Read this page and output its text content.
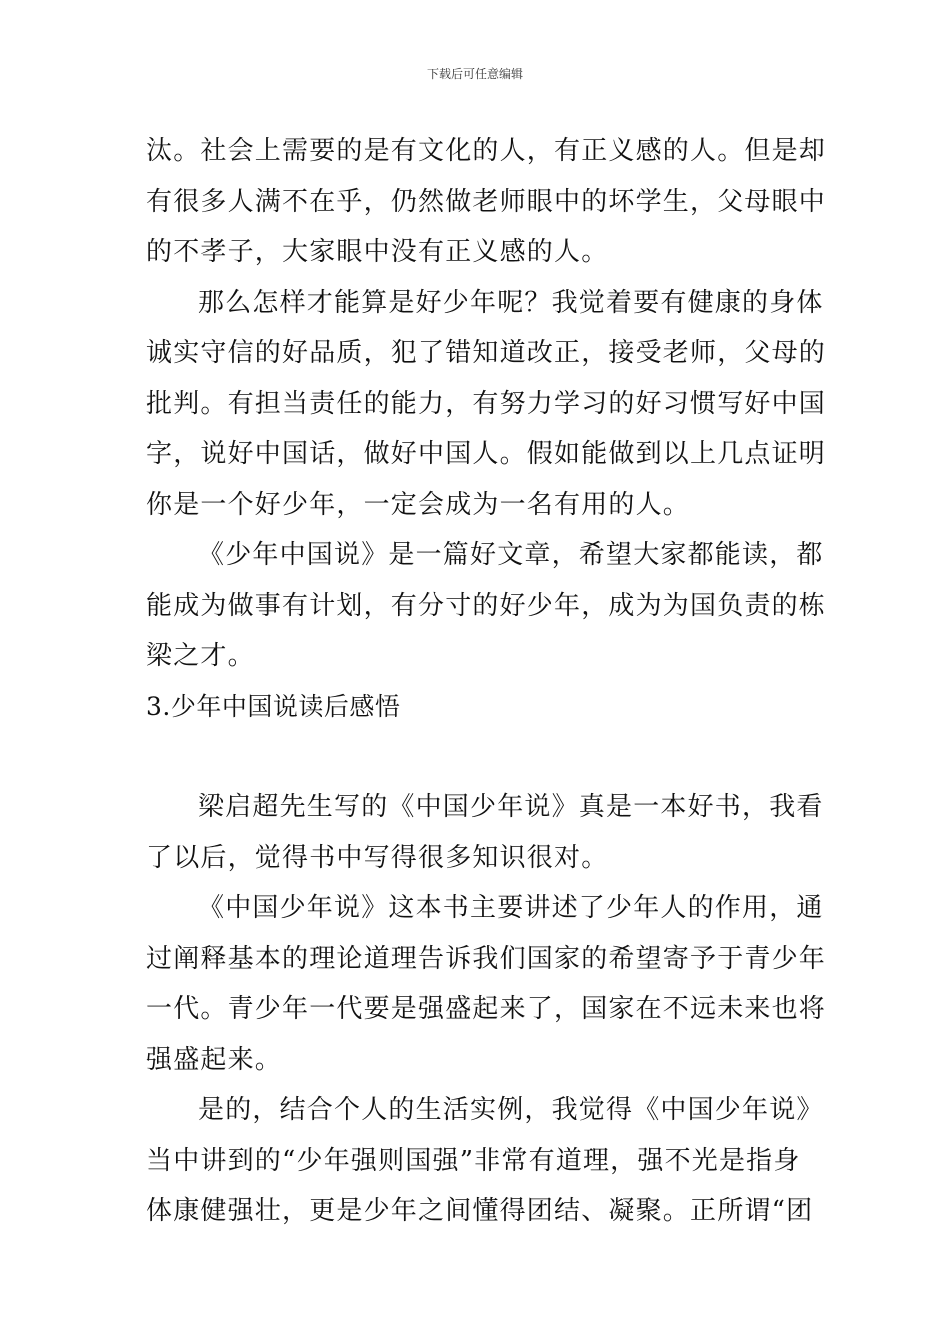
下载后可任意编辑
汰。社会上需要的是有文化的人，有正义感的人。但是却
有很多人满不在乎，仍然做老师眼中的坏学生，父母眼中
的不孝子，大家眼中没有正义感的人。
那么怎样才能算是好少年呢？我觉着要有健康的身体
诚实守信的好品质，犯了错知道改正，接受老师，父母的
批判。有担当责任的能力，有努力学习的好习惯写好中国
字，说好中国话，做好中国人。假如能做到以上几点证明
你是一个好少年，一定会成为一名有用的人。
《少年中国说》是一篇好文章，希望大家都能读，都
能成为做事有计划，有分寸的好少年，成为为国负责的栋
梁之才。
3.少年中国说读后感悟
梁启超先生写的《中国少年说》真是一本好书，我看
了以后，觉得书中写得很多知识很对。
《中国少年说》这本书主要讲述了少年人的作用，通
过阐释基本的理论道理告诉我们国家的希望寄予于青少年
一代。青少年一代要是强盛起来了，国家在不远未来也将
强盛起来。
是的，结合个人的生活实例，我觉得《中国少年说》
当中讲到的“少年强则国强”非常有道理，强不光是指身
体康健强壮，更是少年之间懂得团结、凝聚。正所谓“团
